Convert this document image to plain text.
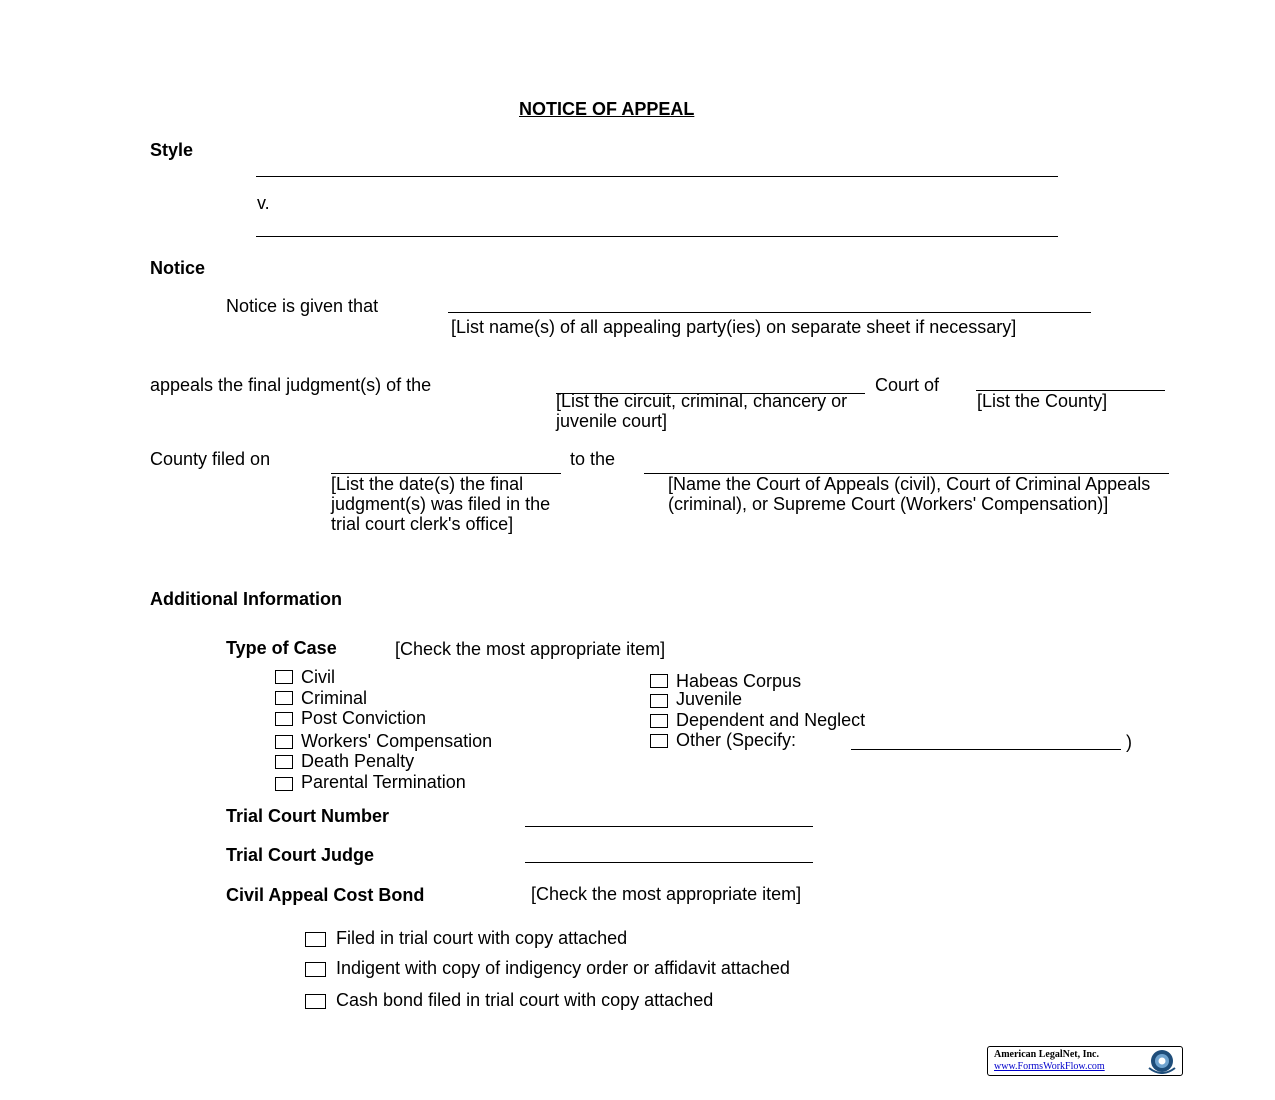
NOTICE OF APPEAL
Style
v.
Notice
Notice is given that
[List name(s) of all appealing party(ies) on separate sheet if necessary]
appeals the final judgment(s) of the
[List the circuit, criminal, chancery or juvenile court]
Court of
[List the County]
County filed on
[List the date(s) the final judgment(s) was filed in the trial court clerk's office]
to the
[Name the Court of Appeals (civil), Court of Criminal Appeals (criminal), or Supreme Court (Workers' Compensation)]
Additional Information
Type of Case	[Check the most appropriate item]
Civil
Criminal
Post Conviction
Workers' Compensation
Death Penalty
Parental Termination
Habeas Corpus
Juvenile
Dependent and Neglect
Other (Specify:	)
Trial Court Number
Trial Court Judge
Civil Appeal Cost Bond	[Check the most appropriate item]
Filed in trial court with copy attached
Indigent with copy of indigency order or affidavit attached
Cash bond filed in trial court with copy attached
American LegalNet, Inc.
www.FormsWorkFlow.com
